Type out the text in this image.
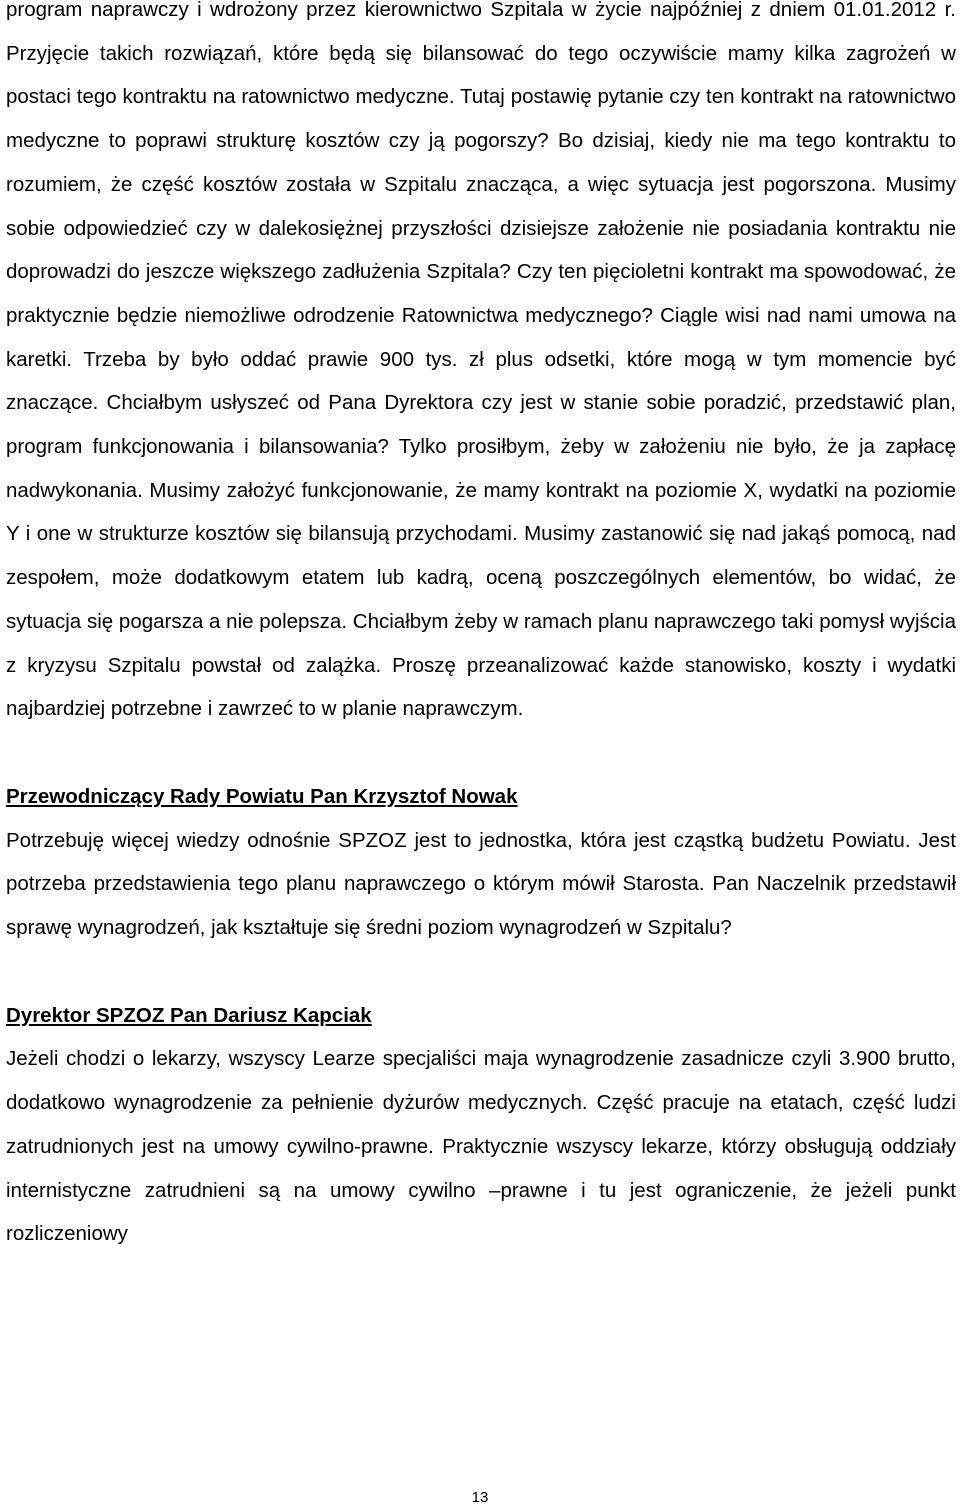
program naprawczy i wdrożony przez kierownictwo Szpitala w życie najpóźniej z dniem 01.01.2012 r. Przyjęcie takich rozwiązań, które będą się bilansować do tego oczywiście mamy kilka zagrożeń w postaci tego kontraktu na ratownictwo medyczne. Tutaj postawię pytanie czy ten kontrakt na ratownictwo medyczne to poprawi strukturę kosztów czy ją pogorszy? Bo dzisiaj, kiedy nie ma tego kontraktu to rozumiem, że część kosztów została w Szpitalu znacząca, a więc sytuacja jest pogorszona. Musimy sobie odpowiedzieć czy w dalekosiężnej przyszłości dzisiejsze założenie nie posiadania kontraktu nie doprowadzi do jeszcze większego zadłużenia Szpitala? Czy ten pięcioletni kontrakt ma spowodować, że praktycznie będzie niemożliwe odrodzenie Ratownictwa medycznego? Ciągle wisi nad nami umowa na karetki. Trzeba by było oddać prawie 900 tys. zł plus odsetki, które mogą w tym momencie być znaczące. Chciałbym usłyszeć od Pana Dyrektora czy jest w stanie sobie poradzić, przedstawić plan, program funkcjonowania i bilansowania? Tylko prosiłbym, żeby w założeniu nie było, że ja zapłacę nadwykonania. Musimy założyć funkcjonowanie, że mamy kontrakt na poziomie X, wydatki na poziomie Y i one w strukturze kosztów się bilansują przychodami. Musimy zastanowić się nad jakąś pomocą, nad zespołem, może dodatkowym etatem lub kadrą, oceną poszczególnych elementów, bo widać, że sytuacja się pogarsza a nie polepsza. Chciałbym żeby w ramach planu naprawczego taki pomysł wyjścia z kryzysu Szpitalu powstał od zalążka. Proszę przeanalizować każde stanowisko, koszty i wydatki najbardziej potrzebne i zawrzeć to w planie naprawczym.

Przewodniczący Rady Powiatu Pan Krzysztof Nowak

Potrzebuję więcej wiedzy odnośnie SPZOZ jest to jednostka, która jest cząstką budżetu Powiatu. Jest potrzeba przedstawienia tego planu naprawczego o którym mówił Starosta. Pan Naczelnik przedstawił sprawę wynagrodzeń, jak kształtuje się średni poziom wynagrodzeń w Szpitalu?

Dyrektor SPZOZ Pan Dariusz Kapciak

Jeżeli chodzi o lekarzy, wszyscy Learze specjaliści maja wynagrodzenie zasadnicze czyli 3.900 brutto, dodatkowo wynagrodzenie za pełnienie dyżurów medycznych. Część pracuje na etatach, część ludzi zatrudnionych jest na umowy cywilno-prawne. Praktycznie wszyscy lekarze, którzy obsługują oddziały internistyczne zatrudnieni są na umowy cywilno –prawne i tu jest ograniczenie, że jeżeli punkt rozliczeniowy

13
